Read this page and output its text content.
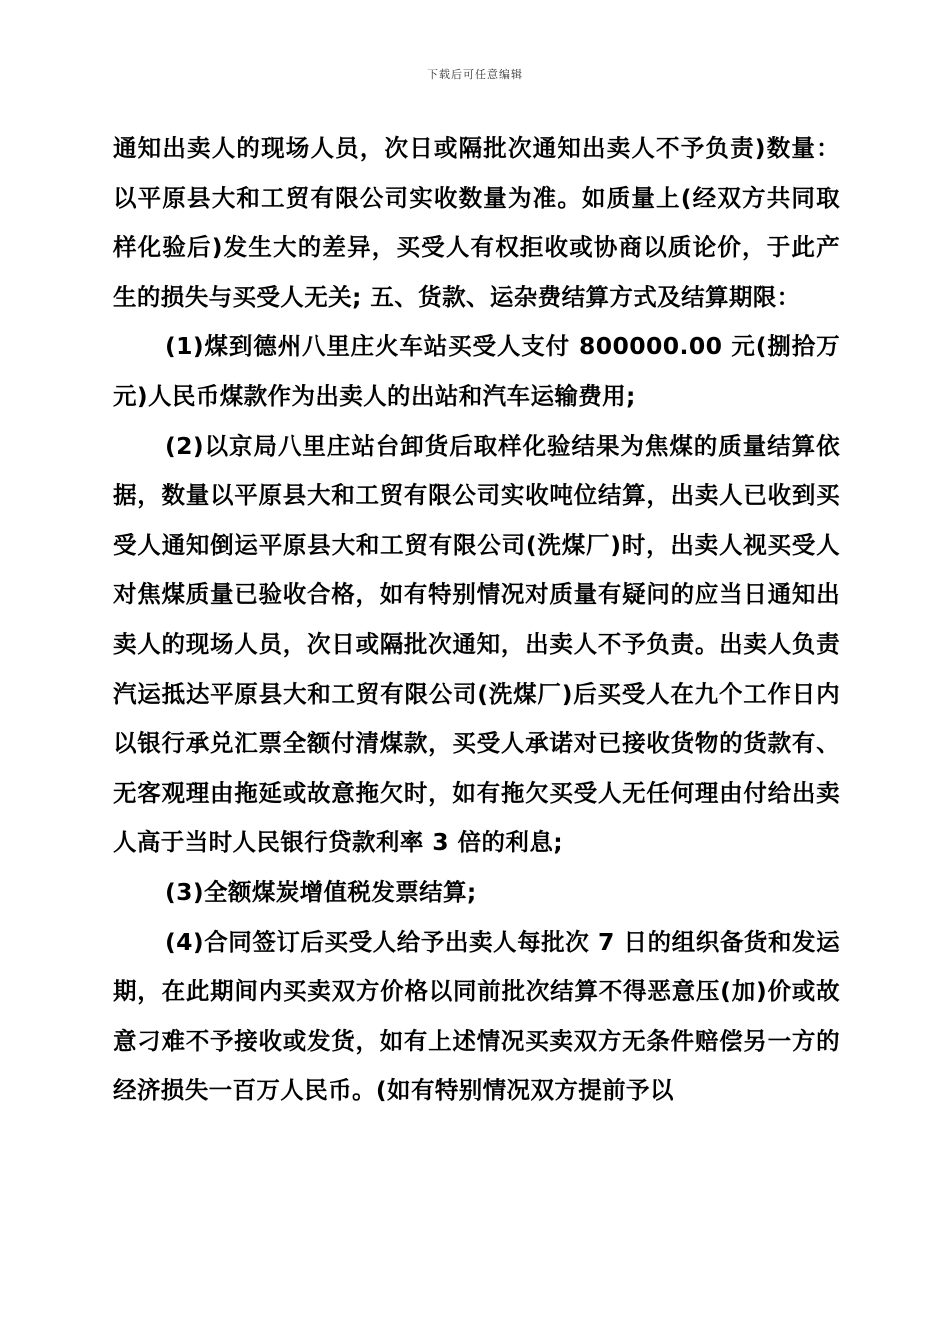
下载后可任意编辑

通知出卖人的现场人员，次日或隔批次通知出卖人不予负责)数量：以平原县大和工贸有限公司实收数量为准。如质量上(经双方共同取样化验后)发生大的差异，买受人有权拒收或协商以质论价，于此产生的损失与买受人无关; 五、货款、运杂费结算方式及结算期限：

(1)煤到德州八里庄火车站买受人支付 800000.00 元(捌拾万元)人民币煤款作为出卖人的出站和汽车运输费用;

(2)以京局八里庄站台卸货后取样化验结果为焦煤的质量结算依据，数量以平原县大和工贸有限公司实收吨位结算，出卖人已收到买受人通知倒运平原县大和工贸有限公司(洗煤厂)时，出卖人视买受人对焦煤质量已验收合格，如有特别情况对质量有疑问的应当日通知出卖人的现场人员，次日或隔批次通知，出卖人不予负责。出卖人负责汽运抵达平原县大和工贸有限公司(洗煤厂)后买受人在九个工作日内以银行承兑汇票全额付清煤款，买受人承诺对已接收货物的货款有、无客观理由拖延或故意拖欠时，如有拖欠买受人无任何理由付给出卖人高于当时人民银行贷款利率 3 倍的利息;

(3)全额煤炭增值税发票结算;

(4)合同签订后买受人给予出卖人每批次 7 日的组织备货和发运期，在此期间内买卖双方价格以同前批次结算不得恶意压(加)价或故意刁难不予接收或发货，如有上述情况买卖双方无条件赔偿另一方的经济损失一百万人民币。(如有特别情况双方提前予以
